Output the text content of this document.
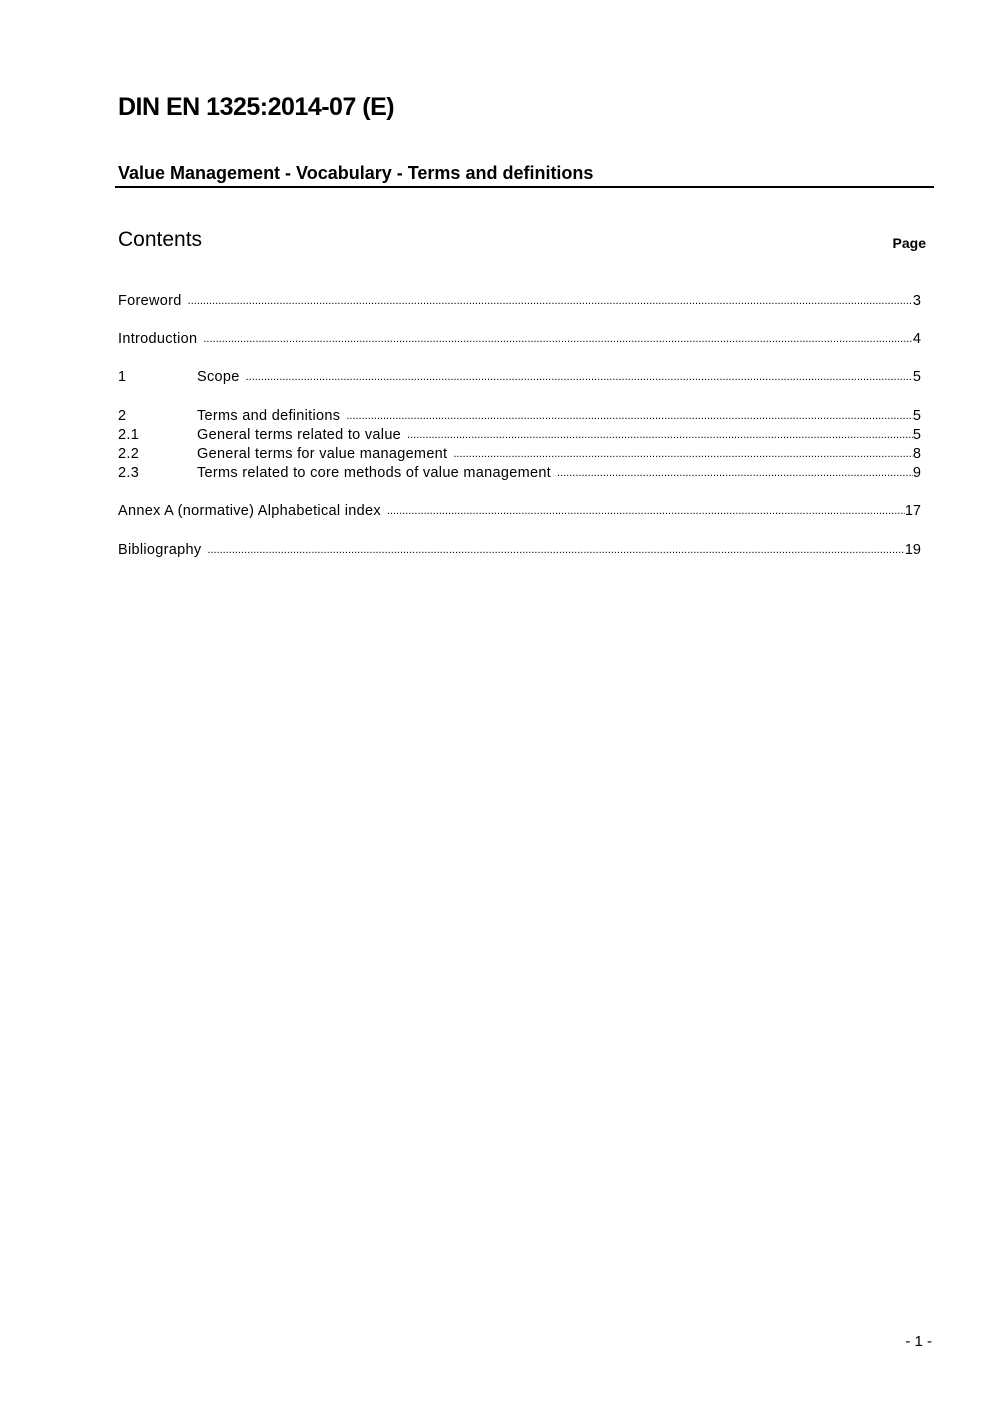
DIN EN 1325:2014-07 (E)
Value Management - Vocabulary - Terms and definitions
Contents	Page
Foreword .....	3
Introduction .....	4
1	Scope .....	5
2	Terms and definitions .....	5
2.1	General terms related to value .....	5
2.2	General terms for value management .....	8
2.3	Terms related to core methods of value management .....	9
Annex A (normative) Alphabetical index .....	17
Bibliography .....	19
- 1 -
